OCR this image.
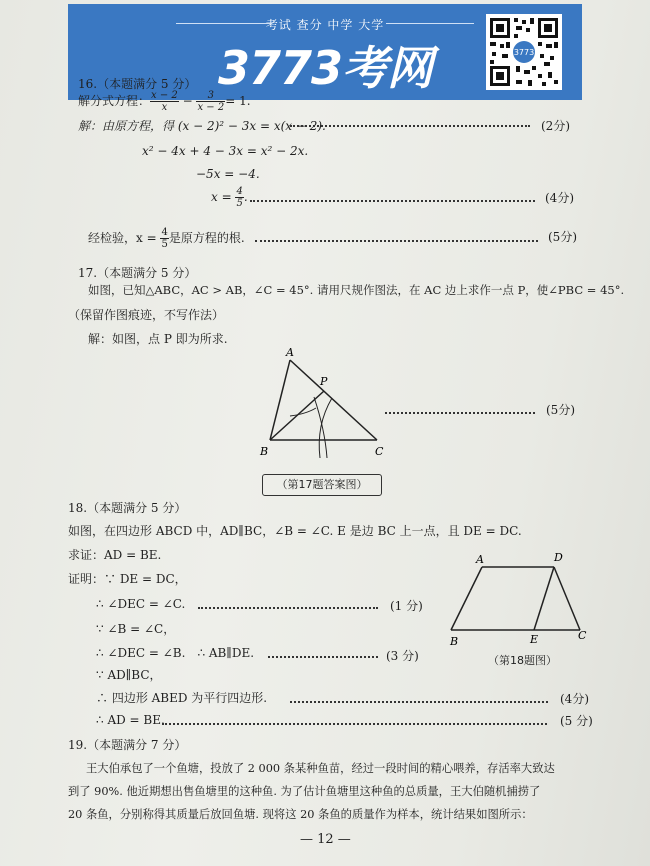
考试 查分 中学 大学
3773考网	3773
16.（本题满分 5 分）
解分式方程： $\frac{x - 2}{x} - \frac{3}{x - 2} = 1$.
解：由原方程，得 (x − 2)² − 3x = x(x − 2).	(2分)
x² − 4x + 4 − 3x = x² − 2x.
−5x = −4.
$x = \frac{4}{5}$ .	(4分)
经检验，$x = \frac{4}{5}$ 是原方程的根.	(5分)
17.（本题满分 5 分）
如图，已知△ABC，AC > AB，∠C = 45°. 请用尺规作图法，在 AC 边上求作一点 P，使∠PBC = 45°.
（保留作图痕迹，不写作法）
解：如图，点 P 即为所求.
A
B	C
P
(5分)
（第17题答案图）
18.（本题满分 5 分）
如图，在四边形 ABCD 中，AD∥BC，∠B = ∠C. E 是边 BC 上一点，且 DE = DC.
求证：AD = BE.
证明：∵ DE = DC，
∴ ∠DEC = ∠C.	(1 分)
∵ ∠B = ∠C，
∴ ∠DEC = ∠B.　∴ AB∥DE.	(3 分)
∵ AD∥BC，
∴ 四边形 ABED 为平行四边形.	(4分)
∴ AD = BE.	(5 分)
A	D
B	E	C
（第18题图）
19.（本题满分 7 分）
王大伯承包了一个鱼塘，投放了 2 000 条某种鱼苗，经过一段时间的精心喂养，存活率大致达
到了 90%. 他近期想出售鱼塘里的这种鱼. 为了估计鱼塘里这种鱼的总质量，王大伯随机捕捞了
20 条鱼，分别称得其质量后放回鱼塘. 现将这 20 条鱼的质量作为样本，统计结果如图所示：
— 12 —
